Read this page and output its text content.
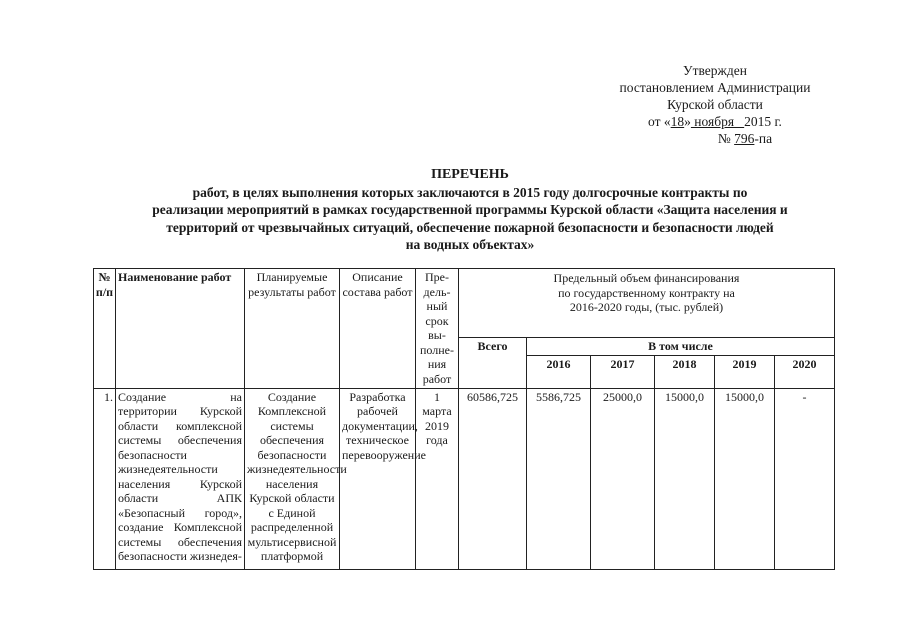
Утвержден
постановлением Администрации
Курской области
от «18» ноября   2015 г.
№ 796-па
ПЕРЕЧЕНЬ
работ, в целях выполнения которых заключаются в 2015 году долгосрочные контракты по
реализации мероприятий в рамках государственной программы Курской области «Защита населения и
территорий от чрезвычайных ситуаций, обеспечение пожарной безопасности и безопасности людей
на водных объектах»
№ п/п	Наименование работ	Планируемые результаты работ	Описание состава работ	Пре-дель-ный срок вы-полне-ния работ	Предельный объем финансирования по государственному контракту на 2016-2020 годы, (тыс. рублей)					
					Всего	В том числе				
						2016	2017	2018	2019	2020
1.	Создание на территории Курской области комплексной системы обеспечения безопасности жизнедеятельности населения Курской области АПК «Безопасный город», создание Комплексной системы обеспечения безопасности жизнедея-	Создание Комплексной системы обеспечения безопасности жизнедеятельности населения Курской области с Единой распределенной мультисервисной платформой	Разработка рабочей документации, техническое перевооружение	1 марта 2019 года	60586,725	5586,725	25000,0	15000,0	15000,0	-
